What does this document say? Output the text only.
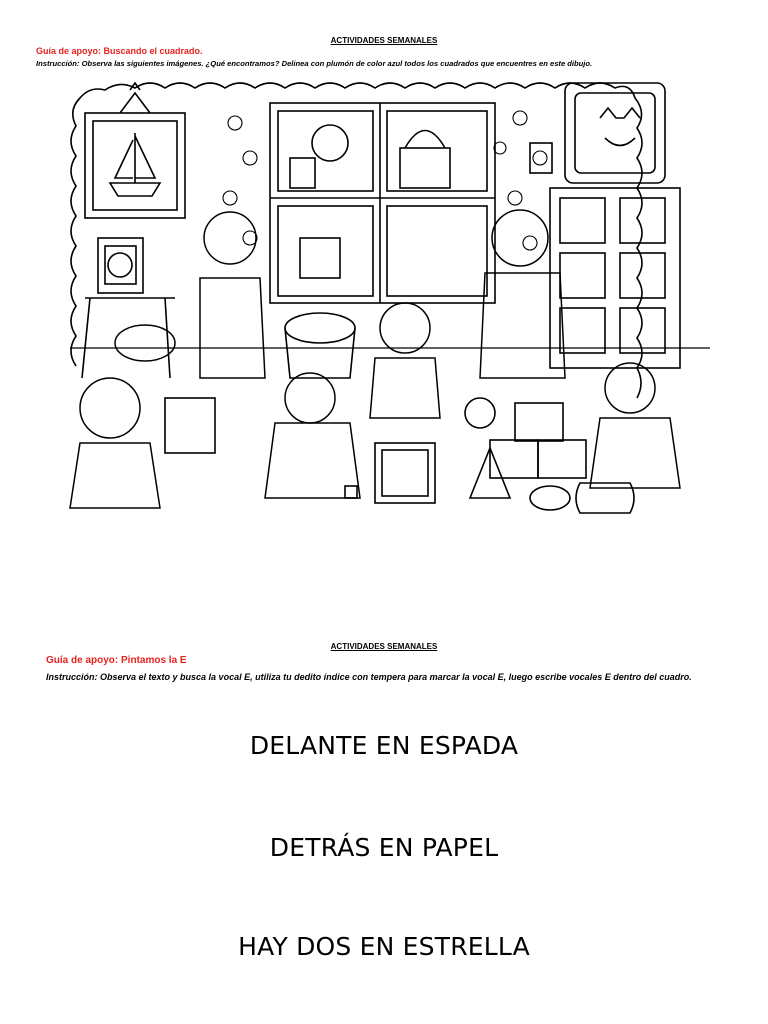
ACTIVIDADES SEMANALES
Guía de apoyo: Buscando el cuadrado.
Instrucción: Observa las siguientes imágenes. ¿Qué encontramos? Delinea con plumón de color azul todos los cuadrados que encuentres en este dibujo.
ACTIVIDADES SEMANALES
Guía de apoyo: Pintamos la E
Instrucción: Observa el texto y busca la vocal E, utiliza tu dedito índice con tempera para marcar la vocal E, luego escribe vocales E dentro del cuadro.
DELANTE EN ESPADA
DETRÁS EN PAPEL
HAY DOS EN ESTRELLA
